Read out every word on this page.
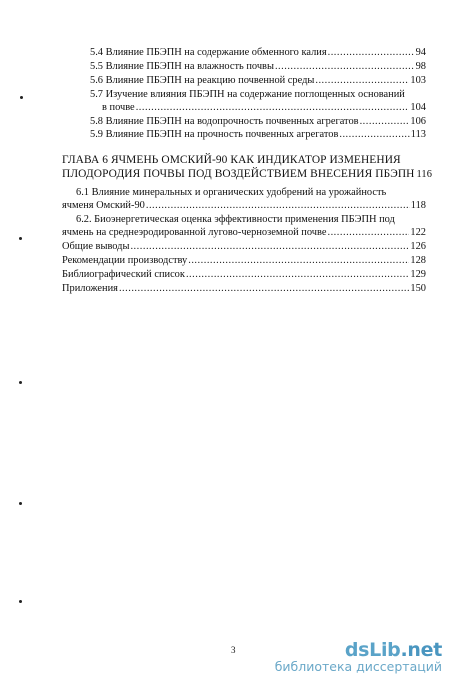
5.4 Влияние ПБЭПН на содержание обменного калия .....	94
5.5 Влияние ПБЭПН на влажность почвы .....	98
5.6 Влияние ПБЭПН на реакцию почвенной среды .....	103
5.7 Изучение влияния ПБЭПН на содержание поглощенных оснований
в почве .....	104
5.8 Влияние ПБЭПН на водопрочность почвенных агрегатов .....	106
5.9 Влияние ПБЭПН на прочность почвенных агрегатов .....	113
ГЛАВА 6 ЯЧМЕНЬ ОМСКИЙ-90 КАК ИНДИКАТОР ИЗМЕНЕНИЯ
ПЛОДОРОДИЯ ПОЧВЫ ПОД ВОЗДЕЙСТВИЕМ ВНЕСЕНИЯ ПБЭПН 116
6.1 Влияние минеральных и органических удобрений на урожайность
ячменя Омский-90 .....	118
6.2. Биоэнергетическая оценка эффективности применения ПБЭПН под
ячмень на среднеэродированной лугово-черноземной почве .....	122
Общие выводы .....	126
Рекомендации производству .....	128
Библиографический список .....	129
Приложения .....	150
3	dsLib.net
библиотека диссертаций
